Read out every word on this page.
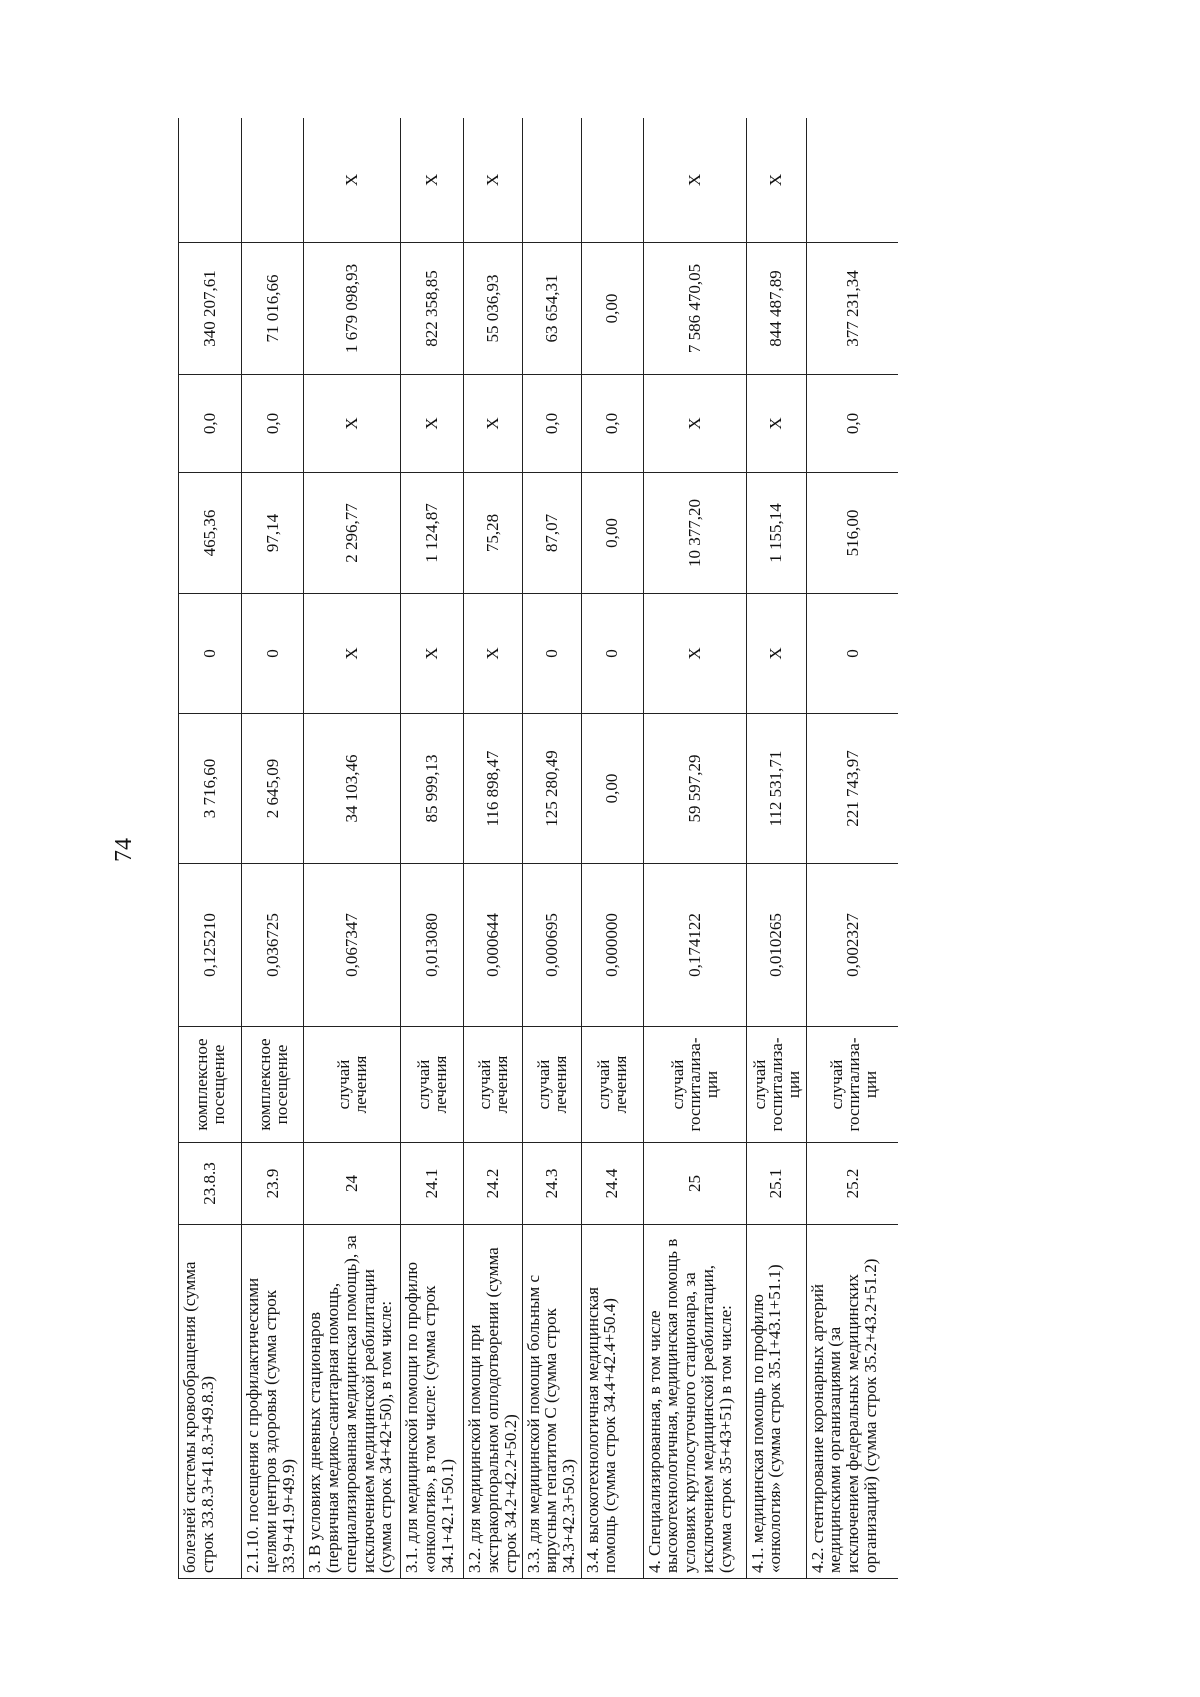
74
болезней системы кровообращения (сумма строк 33.8.3+41.8.3+49.8.3)	23.8.3	комплексное посещение	0,125210	3 716,60	0	465,36	0,0	340 207,61	
2.1.10. посещения с профилактическими целями центров здоровья (сумма строк 33.9+41.9+49.9)	23.9	комплексное посещение	0,036725	2 645,09	0	97,14	0,0	71 016,66	
3. В условиях дневных стационаров (первичная медико-санитарная помощь, специализированная медицинская помощь), за исключением медицинской реабилитации (сумма строк 34+42+50), в том числе:	24	случай лечения	0,067347	34 103,46	X	2 296,77	X	1 679 098,93	X
3.1. для медицинской помощи по профилю «онкология», в том числе: (сумма строк 34.1+42.1+50.1)	24.1	случай лечения	0,013080	85 999,13	X	1 124,87	X	822 358,85	X
3.2. для медицинской помощи при экстракорпоральном оплодотворении (сумма строк 34.2+42.2+50.2)	24.2	случай лечения	0,000644	116 898,47	X	75,28	X	55 036,93	X
3.3. для медицинской помощи больным с вирусным гепатитом С (сумма строк 34.3+42.3+50.3)	24.3	случай лечения	0,000695	125 280,49	0	87,07	0,0	63 654,31	
3.4. высокотехнологичная медицинская помощь (сумма строк 34.4+42.4+50.4)	24.4	случай лечения	0,000000	0,00	0	0,00	0,0	0,00	
4. Специализированная, в том числе высокотехнологичная, медицинская помощь в условиях круглосуточного стационара, за исключением медицинской реабилитации, (сумма строк 35+43+51) в том числе:	25	случай госпитализа-ции	0,174122	59 597,29	X	10 377,20	X	7 586 470,05	X
4.1. медицинская помощь по профилю «онкология» (сумма строк 35.1+43.1+51.1)	25.1	случай госпитализа-ции	0,010265	112 531,71	X	1 155,14	X	844 487,89	X
4.2. стентирование коронарных артерий медицинскими организациями (за исключением федеральных медицинских организаций) (сумма строк 35.2+43.2+51.2)	25.2	случай госпитализа-ции	0,002327	221 743,97	0	516,00	0,0	377 231,34	
